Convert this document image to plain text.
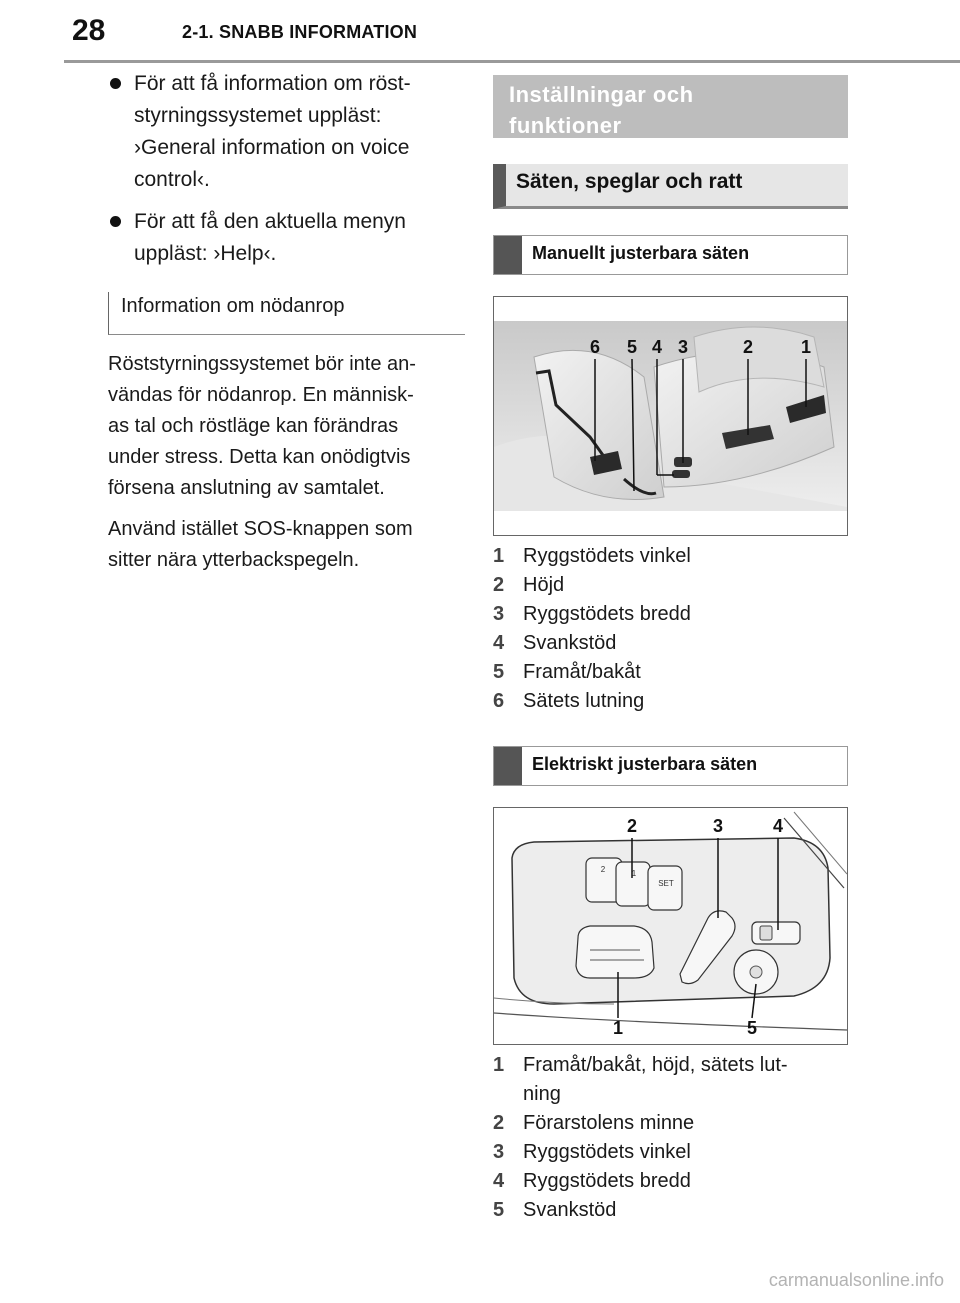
28	2-1. SNABB INFORMATION
För att få information om röst-
styrningssystemet uppläst:
›General information on voice
control‹.
För att få den aktuella menyn
uppläst: ›Help‹.
Information om nödanrop
Röststyrningssystemet bör inte an-
vändas för nödanrop. En människ-
as tal och röstläge kan förändras
under stress. Detta kan onödigtvis
försena anslutning av samtalet.
Använd istället SOS-knappen som
sitter nära ytterbackspegeln.
Inställningar och
funktioner
Säten, speglar och ratt
Manuellt justerbara säten
6 5 4 3	2	1
1 Ryggstödets vinkel
2 Höjd
3 Ryggstödets bredd
4 Svankstöd
5 Framåt/bakåt
6 Sätets lutning
Elektriskt justerbara säten
2	1
SET
2	3	4
1	5
1 Framåt/bakåt, höjd, sätets lut-
ning
2 Förarstolens minne
3 Ryggstödets vinkel
4 Ryggstödets bredd
5 Svankstöd
carmanualsonline.info
